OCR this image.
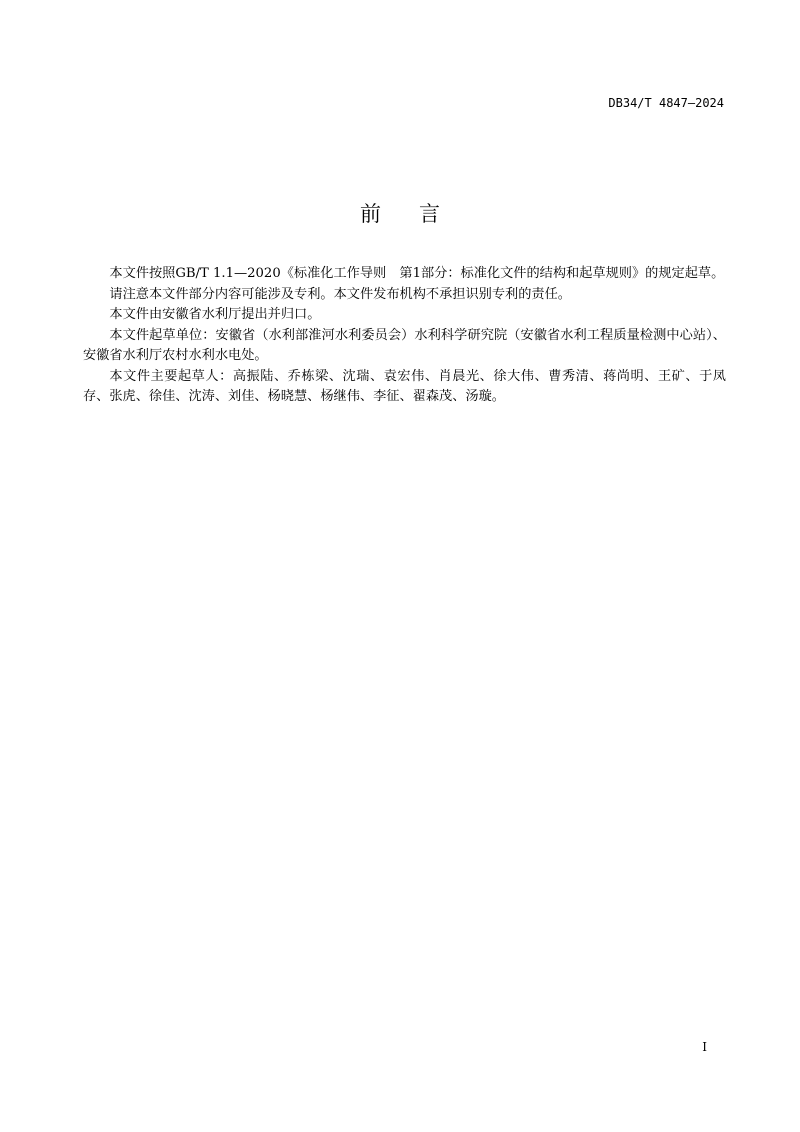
DB34/T 4847—2024
前言

本文件按照GB/T 1.1—2020《标准化工作导则　第1部分：标准化文件的结构和起草规则》的规定起草。

请注意本文件部分内容可能涉及专利。本文件发布机构不承担识别专利的责任。

本文件由安徽省水利厅提出并归口。

本文件起草单位：安徽省（水利部淮河水利委员会）水利科学研究院（安徽省水利工程质量检测中心站）、安徽省水利厅农村水利水电处。

本文件主要起草人：高振陆、乔栋梁、沈瑞、袁宏伟、肖晨光、徐大伟、曹秀清、蒋尚明、王矿、于凤存、张虎、徐佳、沈涛、刘佳、杨晓慧、杨继伟、李征、翟森茂、汤璇。

I
